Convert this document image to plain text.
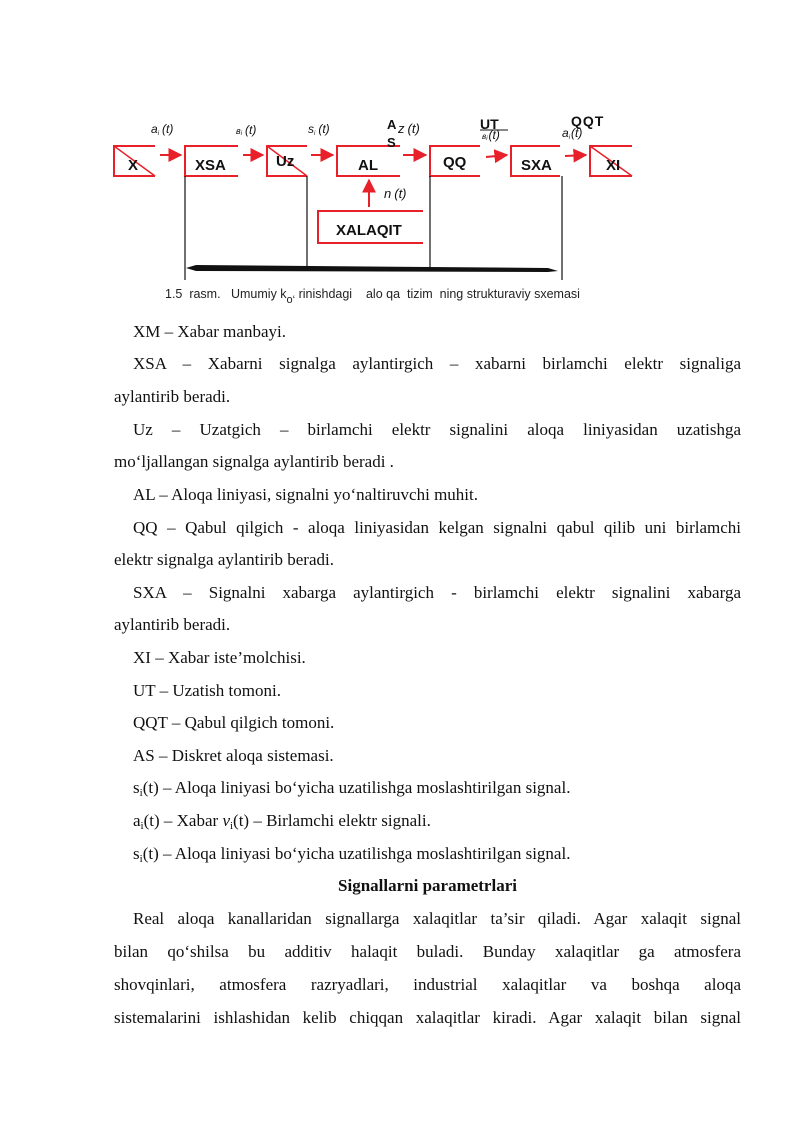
X	XSA	Uz	AL	QQ	SXA	XI
XALAQIT
ai (t)	вi (t)	si (t)	z (t)
n (t)
вi(t)	ai(t)
A
S
UT	QQT
1.5  rasm.   Umumiy ko‘ rinishdagi    alo qa  tizim  ning strukturaviy sxemasi
XM – Xabar manbayi.
XSA – Xabarni signalga aylantirgich – xabarni birlamchi elektr signaliga
aylantirib beradi.
Uz – Uzatgich – birlamchi elektr signalini aloqa liniyasidan uzatishga
mo‘ljallangan signalga aylantirib beradi .
AL – Aloqa liniyasi, signalni yo‘naltiruvchi muhit.
QQ – Qabul qilgich - aloqa liniyasidan kelgan signalni qabul qilib uni birlamchi
elektr signalga aylantirib beradi.
SXA – Signalni xabarga aylantirgich - birlamchi elektr signalini xabarga
aylantirib beradi.
XI – Xabar iste’molchisi.
UT – Uzatish tomoni.
QQT – Qabul qilgich tomoni.
AS – Diskret aloqa sistemasi.
$s_i(t)$ – Aloqa liniyasi bo‘yicha uzatilishga moslashtirilgan signal.
$a_i(t)$ – Xabar $\nu_i(t)$ – Birlamchi elektr signali.
$s_i(t)$ – Aloqa liniyasi bo‘yicha uzatilishga moslashtirilgan signal.
Signallarni parametrlari
Real aloqa kanallaridan signallarga xalaqitlar ta’sir qiladi. Agar xalaqit signal
bilan qo‘shilsa bu additiv halaqit buladi. Bunday xalaqitlar ga atmosfera
shovqinlari, atmosfera razryadlari, industrial xalaqitlar va boshqa aloqa
sistemalarini ishlashidan kelib chiqqan xalaqitlar kiradi. Agar xalaqit bilan signal
